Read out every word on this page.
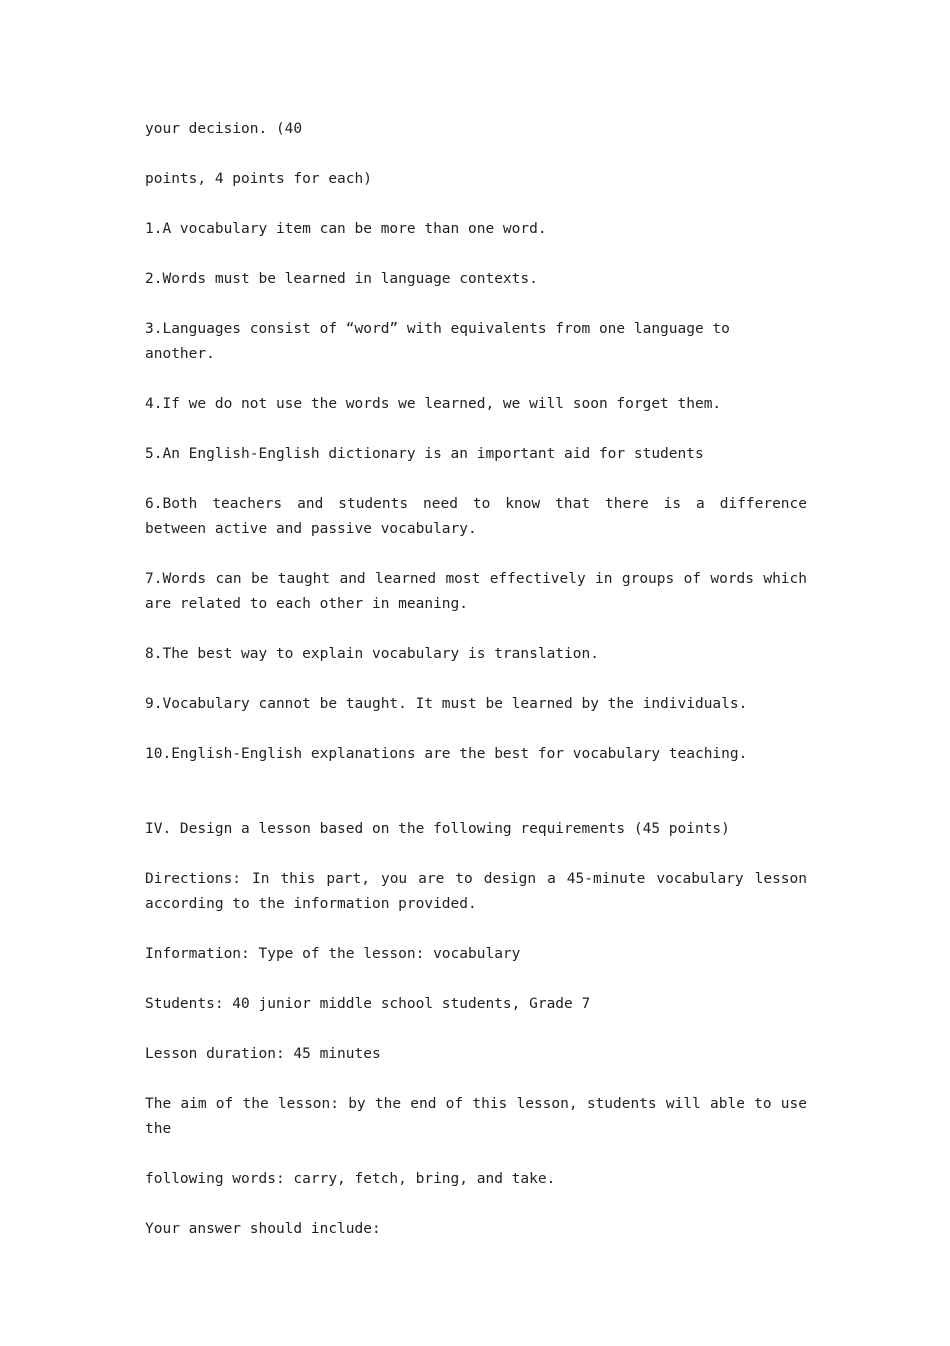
your decision. (40

points, 4 points for each)

1.A vocabulary item can be more than one word.

2.Words must be learned in language contexts.

3.Languages consist of “word” with equivalents from one language to another.

4.If we do not use the words we learned, we will soon forget them.

5.An English-English dictionary is an important aid for students

6.Both teachers and students need to know that there is a difference between active and passive vocabulary.

7.Words can be taught and learned most effectively in groups of words which are related to each other in meaning.

8.The best way to explain vocabulary is translation.

9.Vocabulary cannot be taught. It must be learned by the individuals.

10.English-English explanations are the best for vocabulary teaching.

IV. Design a lesson based on the following requirements (45 points)

Directions: In this part, you are to design a 45-minute vocabulary lesson according to the information provided.

Information: Type of the lesson: vocabulary

Students: 40 junior middle school students, Grade 7

Lesson duration: 45 minutes

The aim of the lesson: by the end of this lesson, students will able to use the

following words: carry, fetch, bring, and take.

Your answer should include:
